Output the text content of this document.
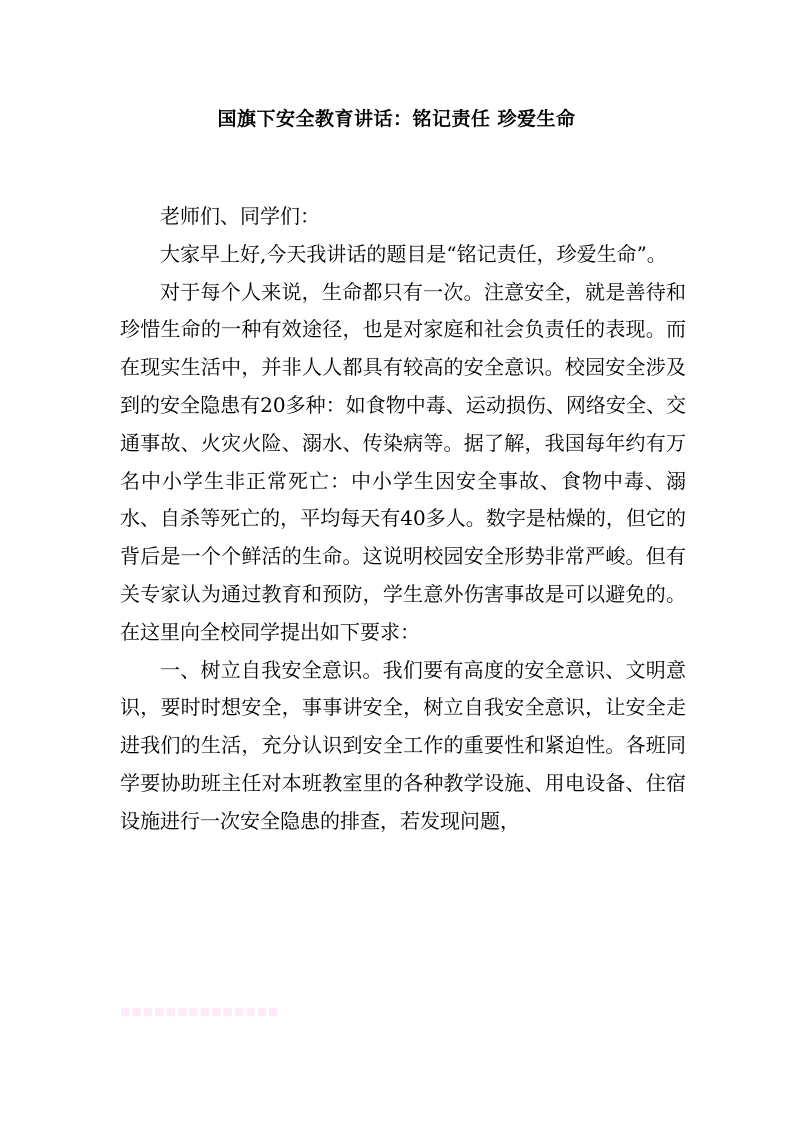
国旗下安全教育讲话：铭记责任 珍爱生命

老师们、同学们：

大家早上好,今天我讲话的题目是“铭记责任，珍爱生命”。

对于每个人来说，生命都只有一次。注意安全，就是善待和珍惜生命的一种有效途径，也是对家庭和社会负责任的表现。而在现实生活中，并非人人都具有较高的安全意识。校园安全涉及到的安全隐患有20多种：如食物中毒、运动损伤、网络安全、交通事故、火灾火险、溺水、传染病等。据了解，我国每年约有万名中小学生非正常死亡：中小学生因安全事故、食物中毒、溺水、自杀等死亡的，平均每天有40多人。数字是枯燥的，但它的背后是一个个鲜活的生命。这说明校园安全形势非常严峻。但有关专家认为通过教育和预防，学生意外伤害事故是可以避免的。在这里向全校同学提出如下要求：

一、树立自我安全意识。我们要有高度的安全意识、文明意识，要时时想安全，事事讲安全，树立自我安全意识，让安全走进我们的生活，充分认识到安全工作的重要性和紧迫性。各班同学要协助班主任对本班教室里的各种教学设施、用电设备、住宿设施进行一次安全隐患的排查，若发现问题，

■■■■■■■■■■■■■■
